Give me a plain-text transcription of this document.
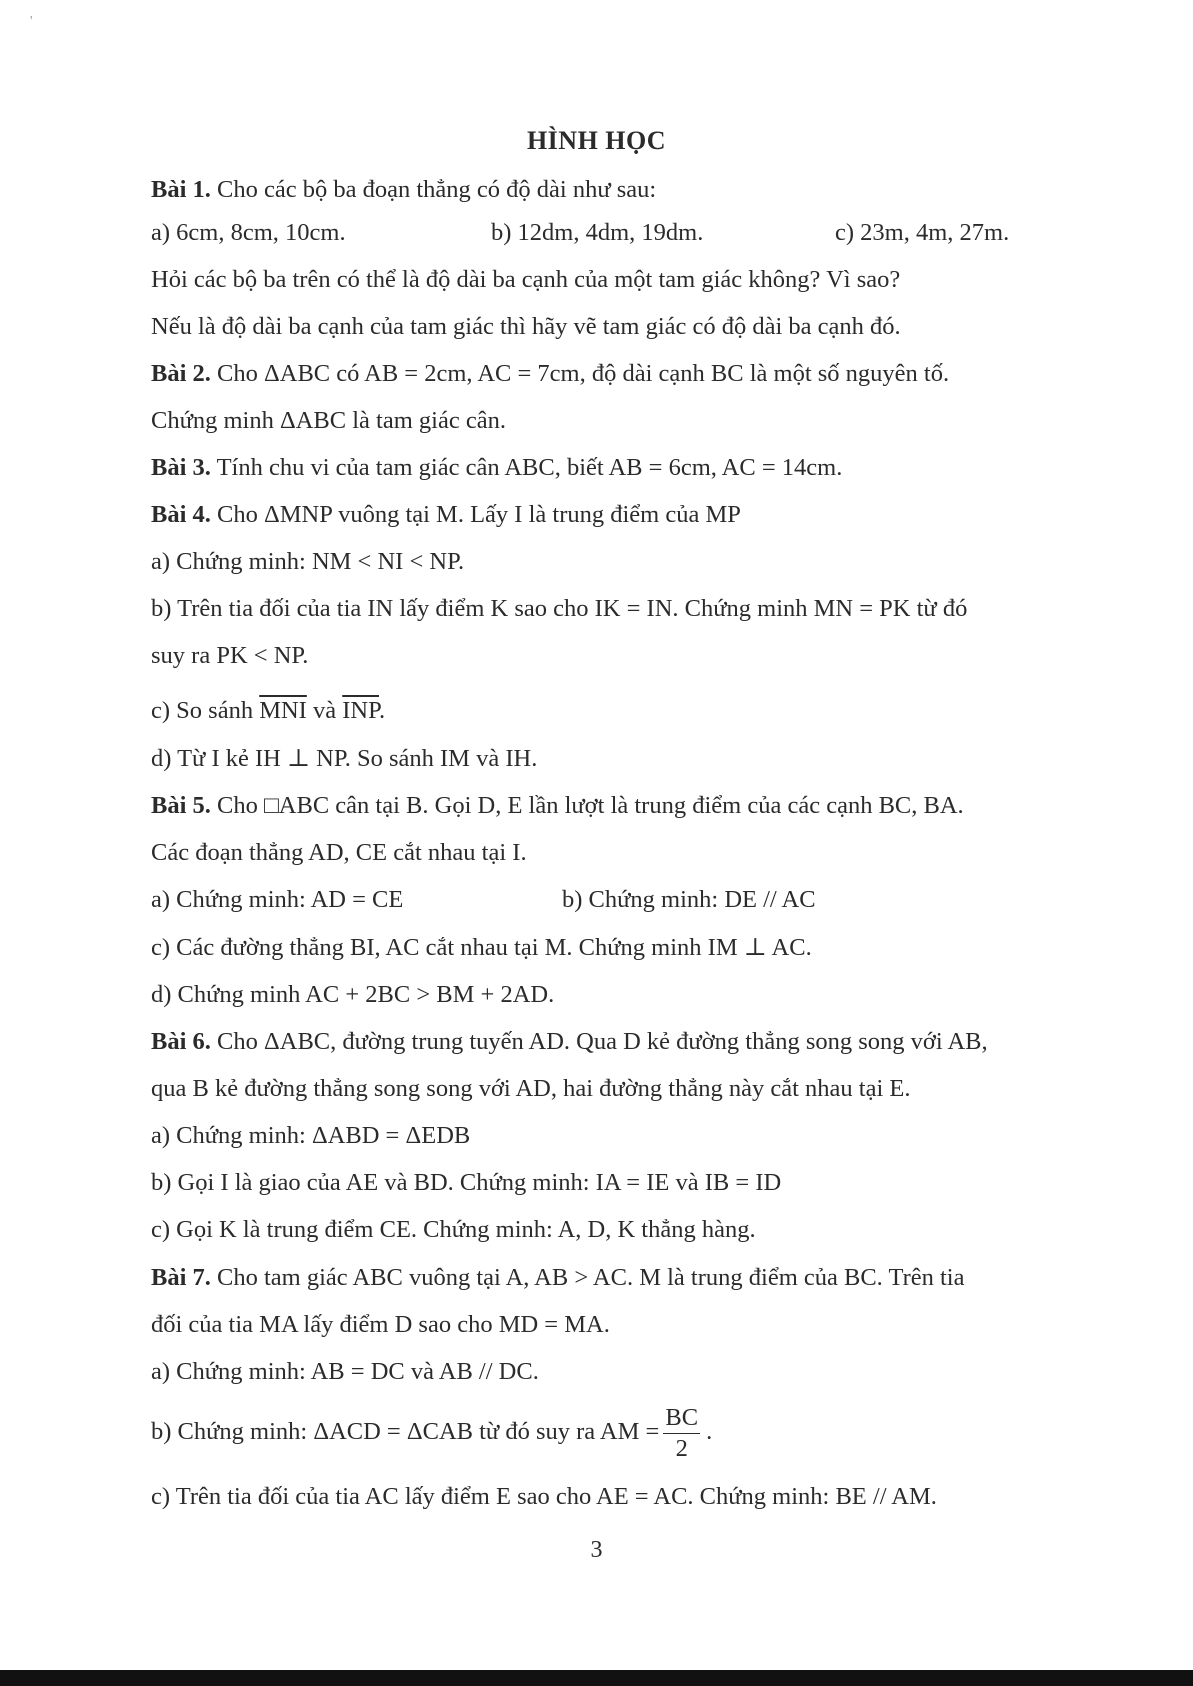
HÌNH HỌC
Bài 1. Cho các bộ ba đoạn thẳng có độ dài như sau:
a) 6cm, 8cm, 10cm.	b) 12dm, 4dm, 19dm.	c) 23m, 4m, 27m.
Hỏi các bộ ba trên có thể là độ dài ba cạnh của một tam giác không? Vì sao?
Nếu là độ dài ba cạnh của tam giác thì hãy vẽ tam giác có độ dài ba cạnh đó.
Bài 2. Cho ΔABC có AB = 2cm, AC = 7cm, độ dài cạnh BC là một số nguyên tố.
Chứng minh ΔABC là tam giác cân.
Bài 3. Tính chu vi của tam giác cân ABC, biết AB = 6cm, AC = 14cm.
Bài 4. Cho ΔMNP vuông tại M. Lấy I là trung điểm của MP
a) Chứng minh: NM < NI < NP.
b) Trên tia đối của tia IN lấy điểm K sao cho IK = IN. Chứng minh MN = PK từ đó
suy ra PK < NP.
c) So sánh $\overline{MNI}$ và $\overline{INP}$.
d) Từ I kẻ IH ⊥ NP. So sánh IM và IH.
Bài 5. Cho □ABC cân tại B. Gọi D, E lần lượt là trung điểm của các cạnh BC, BA.
Các đoạn thẳng AD, CE cắt nhau tại I.
a) Chứng minh: AD = CE	b) Chứng minh: DE // AC
c) Các đường thẳng BI, AC cắt nhau tại M. Chứng minh IM ⊥ AC.
d) Chứng minh AC + 2BC > BM + 2AD.
Bài 6. Cho ΔABC, đường trung tuyến AD. Qua D kẻ đường thẳng song song với AB,
qua B kẻ đường thẳng song song với AD, hai đường thẳng này cắt nhau tại E.
a) Chứng minh: ΔABD = ΔEDB
b) Gọi I là giao của AE và BD. Chứng minh: IA = IE và IB = ID
c) Gọi K là trung điểm CE. Chứng minh: A, D, K thẳng hàng.
Bài 7. Cho tam giác ABC vuông tại A, AB > AC. M là trung điểm của BC. Trên tia
đối của tia MA lấy điểm D sao cho MD = MA.
a) Chứng minh: AB = DC và AB // DC.
b) Chứng minh: ΔACD = ΔCAB từ đó suy ra AM = $\frac{BC}{2}$ .
c) Trên tia đối của tia AC lấy điểm E sao cho AE = AC. Chứng minh: BE // AM.
3
'
